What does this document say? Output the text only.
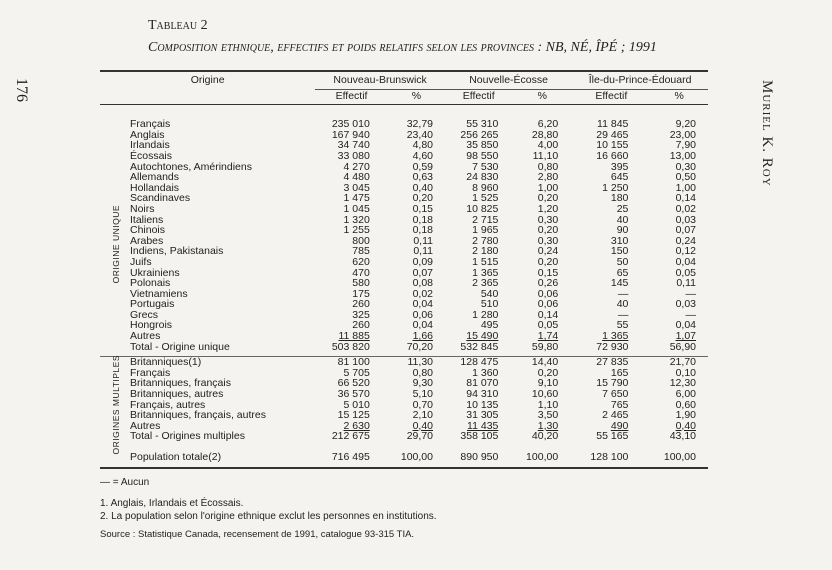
176	Muriel K. Roy
Tableau 2
Composition ethnique, effectifs et poids relatifs selon les provinces : NB, NÉ, ÎPÉ ; 1991
Origine	Nouveau-Brunswick		Nouvelle-Écosse		Île-du-Prince-Édouard	
	Effectif	%	Effectif	%	Effectif	%
Français	235 010	32,79	55 310	6,20	11 845	9,20
Anglais	167 940	23,40	256 265	28,80	29 465	23,00
Irlandais	34 740	4,80	35 850	4,00	10 155	7,90
Écossais	33 080	4,60	98 550	11,10	16 660	13,00
Autochtones, Amérindiens	4 270	0,59	7 530	0,80	395	0,30
Allemands	4 480	0,63	24 830	2,80	645	0,50
Hollandais	3 045	0,40	8 960	1,00	1 250	1,00
Scandinaves	1 475	0,20	1 525	0,20	180	0,14
Noirs	1 045	0,15	10 825	1,20	25	0,02
Italiens	1 320	0,18	2 715	0,30	40	0,03
Chinois	1 255	0,18	1 965	0,20	90	0,07
Arabes	800	0,11	2 780	0,30	310	0,24
Indiens, Pakistanais	785	0,11	2 180	0,24	150	0,12
Juifs	620	0,09	1 515	0,20	50	0,04
Ukrainiens	470	0,07	1 365	0,15	65	0,05
Polonais	580	0,08	2 365	0,26	145	0,11
Vietnamiens	175	0,02	540	0,06	—	—
Portugais	260	0,04	510	0,06	40	0,03
Grecs	325	0,06	1 280	0,14	—	—
Hongrois	260	0,04	495	0,05	55	0,04
Autres	11 885	1,66	15 490	1,74	1 365	1,07
Total - Origine unique	503 820	70,20	532 845	59,80	72 930	56,90
Britanniques(1)	81 100	11,30	128 475	14,40	27 835	21,70
Français	5 705	0,80	1 360	0,20	165	0,10
Britanniques, français	66 520	9,30	81 070	9,10	15 790	12,30
Britanniques, autres	36 570	5,10	94 310	10,60	7 650	6,00
Français, autres	5 010	0,70	10 135	1,10	765	0,60
Britanniques, français, autres	15 125	2,10	31 305	3,50	2 465	1,90
Autres	2 630	0,40	11 435	1,30	490	0,40
Total - Origines multiples	212 675	29,70	358 105	40,20	55 165	43,10
Population totale(2)	716 495	100,00	890 950	100,00	128 100	100,00
ORIGINE UNIQUE
ORIGINES MULTIPLES
— = Aucun
1. Anglais, Irlandais et Écossais.
2. La population selon l'origine ethnique exclut les personnes en institutions.
Source : Statistique Canada, recensement de 1991, catalogue 93-315 TIA.
